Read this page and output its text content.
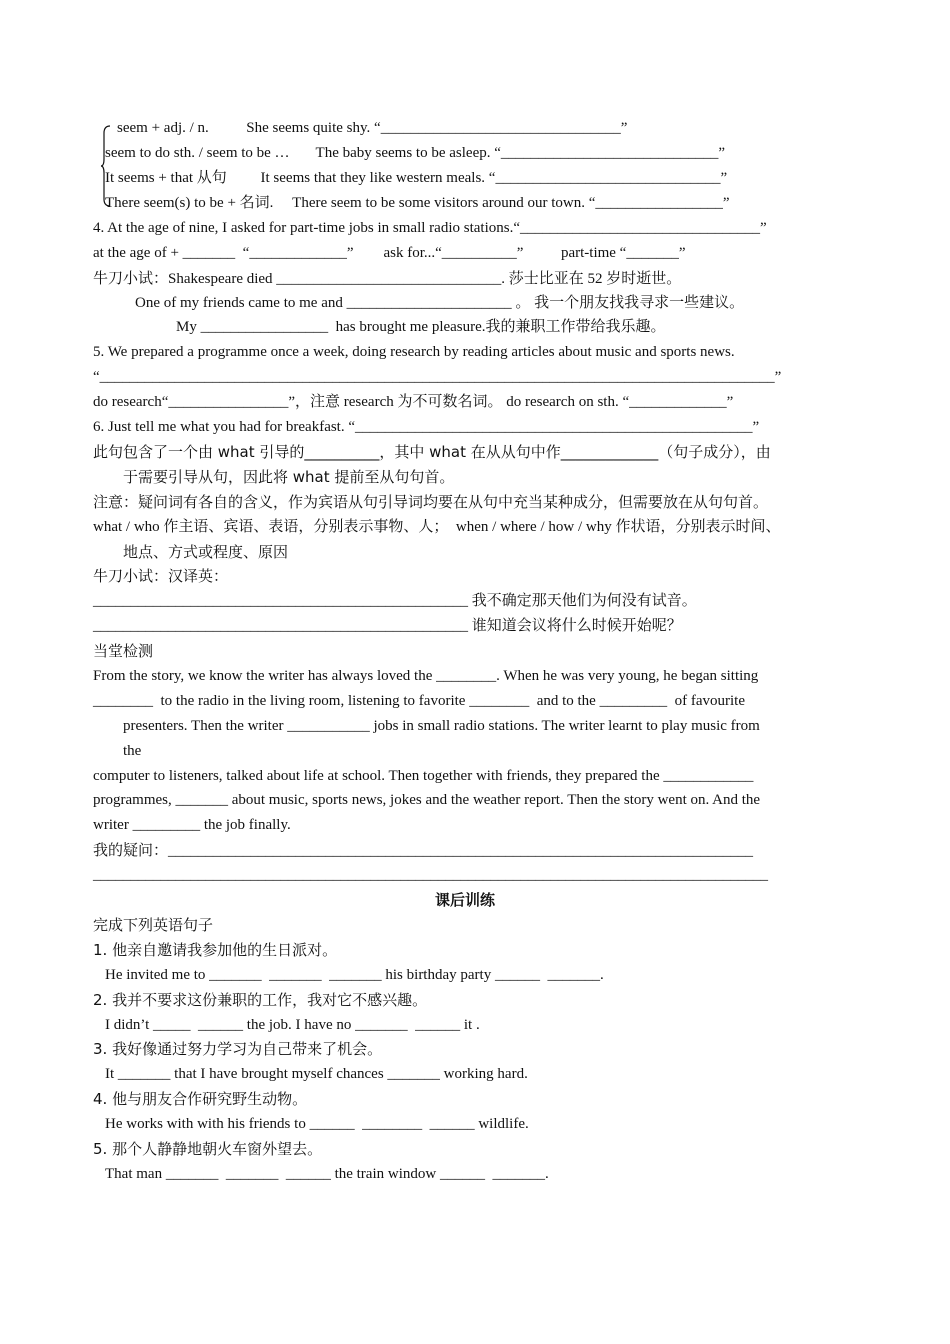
seem + adj. / n.          She seems quite shy. “________________________________”
seem to do sth. / seem to be …       The baby seems to be asleep. “_____________________________”
It seems + that 从句         It seems that they like western meals. “______________________________”
There seem(s) to be + 名词.     There seem to be some visitors around our town. “_________________”
4. At the age of nine, I asked for part-time jobs in small radio stations.“________________________________”
at the age of + _______  “_____________”        ask for...“__________”          part-time “_______”
牛刀小试：Shakespeare died ______________________________. 莎士比亚在 52 岁时逝世。
One of my friends came to me and ______________________ 。 我一个朋友找我寻求一些建议。
My _________________  has brought me pleasure.我的兼职工作带给我乐趣。
5. We prepared a programme once a week, doing research by reading articles about music and sports news.
“__________________________________________________________________________________________”
do research“________________”，注意 research 为不可数名词。 do research on sth. “_____________”
6. Just tell me what you had for breakfast. “_____________________________________________________”
此句包含了一个由 what 引导的__________，其中 what 在从从句中作_____________（句子成分），由
于需要引导从句，因此将 what 提前至从句句首。
注意：疑问词有各自的含义，作为宾语从句引导词均要在从句中充当某种成分，但需要放在从句句首。
what / who 作主语、宾语、表语，分别表示事物、人；  when / where / how / why 作状语，分别表示时间、
地点、方式或程度、原因
牛刀小试：汉译英：
__________________________________________________ 我不确定那天他们为何没有试音。
__________________________________________________ 谁知道会议将什么时候开始呢？
当堂检测
From the story, we know the writer has always loved the ________. When he was very young, he began sitting
________  to the radio in the living room, listening to favorite ________  and to the _________  of favourite
presenters. Then the writer ___________ jobs in small radio stations. The writer learnt to play music from
the
computer to listeners, talked about life at school. Then together with friends, they prepared the ____________
programmes, _______ about music, sports news, jokes and the weather report. Then the story went on. And the
writer _________ the job finally.
我的疑问：______________________________________________________________________________
__________________________________________________________________________________________
课后训练
完成下列英语句子
1. 他亲自邀请我参加他的生日派对。
He invited me to _______  _______  _______ his birthday party ______  _______.
2. 我并不要求这份兼职的工作，我对它不感兴趣。
I didn’t _____  ______ the job. I have no _______  ______ it .
3. 我好像通过努力学习为自己带来了机会。
It _______ that I have brought myself chances _______ working hard.
4. 他与朋友合作研究野生动物。
He works with with his friends to ______  ________  ______ wildlife.
5. 那个人静静地朝火车窗外望去。
That man _______  _______  ______ the train window ______  _______.
